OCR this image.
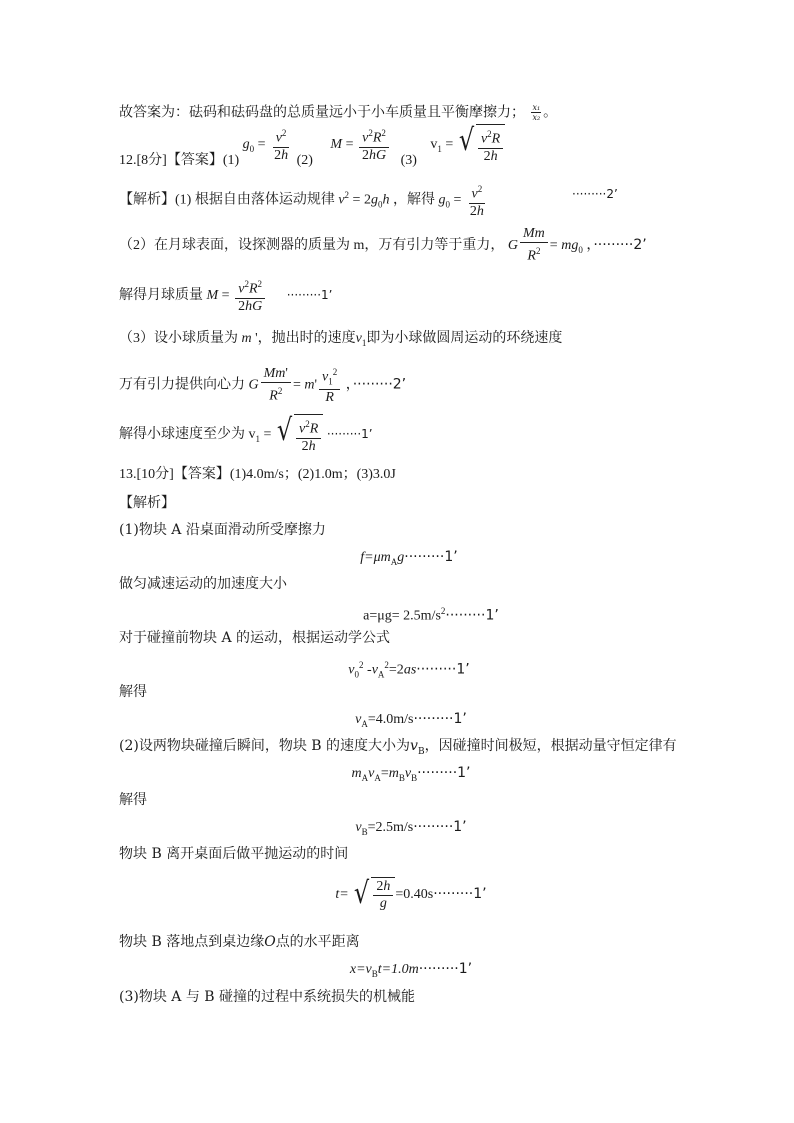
故答案为：砝码和砝码盘的总质量远小于小车质量且平衡摩擦力； $\frac{\text{x₁}}{\text{x₂}}$ 。
12.[8分]【答案】(1) $g_0 = \frac{v^2}{2h} (2) M = \frac{v^2R^2}{2hG} (3) v_1$ = √ $\frac{v^2R}{2h}$
【解析】(1) 根据自由落体运动规律 $v^2 = 2g_0h$ ，解得 $g_0 = \frac{v^2}{2h}$	·········2’
（2）在月球表面，设探测器的质量为 m，万有引力等于重力， G $\frac{Mm}{R^2} = mg_0$ ，·········2’
解得月球质量 $M = \frac{v^2R^2}{2hG} \cdot\cdot\cdot\cdot\cdot\cdot\cdot\cdot\cdot 1$’
（3）设小球质量为 m '，抛出时的速度$v_1$即为小球做圆周运动的环绕速度
万有引力提供向心力 G $\frac{Mm'}{R^2} = m' \frac{v_1^2}{R}$ ，·········2’
解得小球速度至少为 $v_1$ = √ $\frac{v^2R}{2h} \cdot\cdot\cdot\cdot\cdot\cdot\cdot\cdot\cdot 1$’
13.[10分]【答案】(1)4.0m/s；(2)1.0m；(3)3.0J
【解析】
(1)物块 A 沿桌面滑动所受摩擦力
$f=\mu m_Ag\cdot\cdot\cdot\cdot\cdot\cdot\cdot\cdot\cdot 1$’
做匀减速运动的加速度大小
$a=\mu g= 2.5m/s^2\cdot\cdot\cdot\cdot\cdot\cdot\cdot\cdot\cdot 1$’
对于碰撞前物块 A 的运动，根据运动学公式
$v_0^2$ $-v_A^2=2as\cdot\cdot\cdot\cdot\cdot\cdot\cdot\cdot\cdot 1$’
解得
$v_A=4.0m/s\cdot\cdot\cdot\cdot\cdot\cdot\cdot\cdot\cdot 1$’
(2)设两物块碰撞后瞬间，物块 B 的速度大小为$v_B$，因碰撞时间极短，根据动量守恒定律有
$m_Av_A=m_Bv_B\cdot\cdot\cdot\cdot\cdot\cdot\cdot\cdot\cdot 1$’
解得
$v_B=2.5m/s\cdot\cdot\cdot\cdot\cdot\cdot\cdot\cdot\cdot 1$’
物块 B 离开桌面后做平抛运动的时间
t= √ $\frac{2h}{g} =0.40s\cdot\cdot\cdot\cdot\cdot\cdot\cdot\cdot\cdot 1$’
物块 B 落地点到桌边缘O点的水平距离
$x=v_Bt=1.0m\cdot\cdot\cdot\cdot\cdot\cdot\cdot\cdot\cdot 1$’
(3)物块 A 与 B 碰撞的过程中系统损失的机械能
